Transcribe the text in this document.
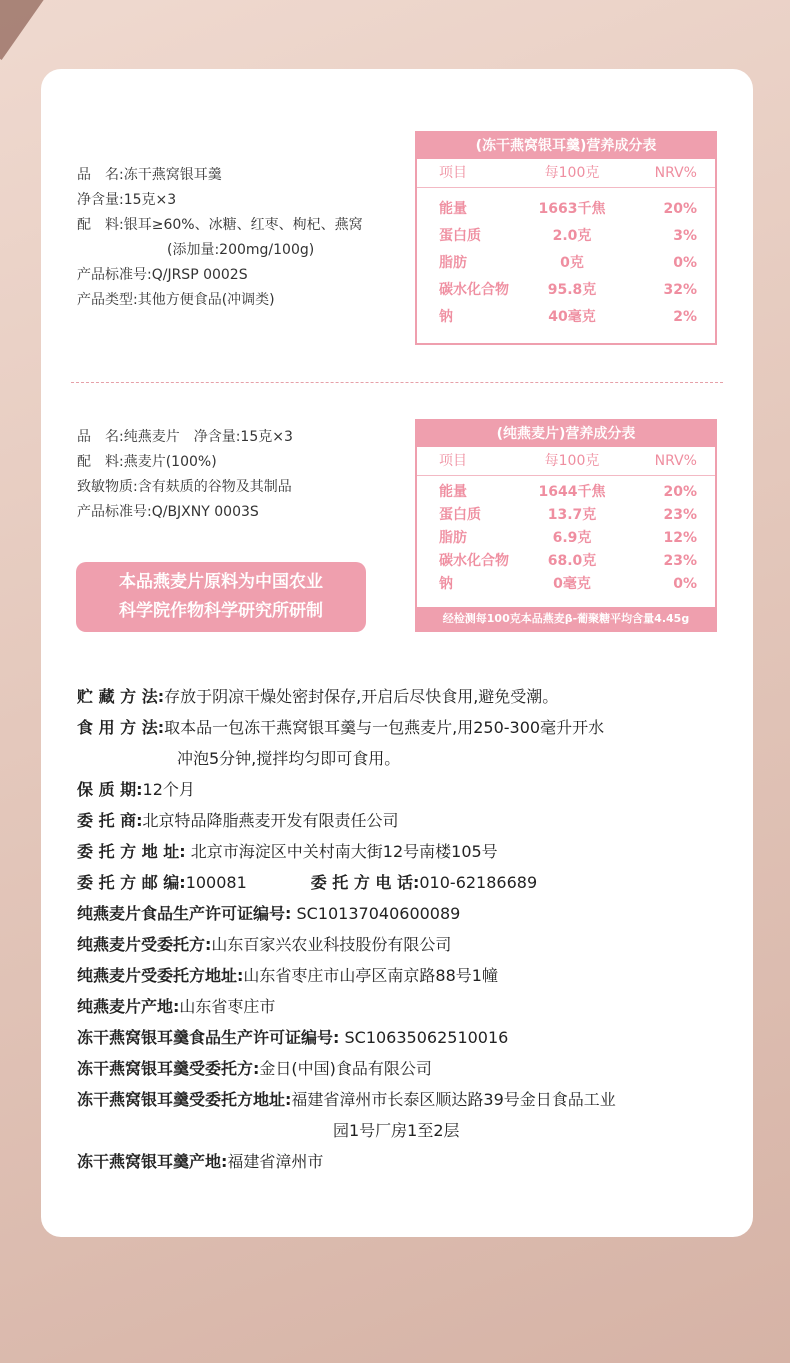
品　名:冻干燕窝银耳羹
净含量:15克×3
配　料:银耳≥60%、冰糖、红枣、枸杞、燕窝
　　　(添加量:200mg/100g)
产品标准号:Q/JRSP 0002S
产品类型:其他方便食品(冲调类)
(冻干燕窝银耳羹)营养成分表
项目	每100克	NRV%
能量	1663千焦	20%
蛋白质	2.0克	3%
脂肪	0克	0%
碳水化合物	95.8克	32%
钠	40毫克	2%
品　名:纯燕麦片　净含量:15克×3
配　料:燕麦片(100%)
致敏物质:含有麸质的谷物及其制品
产品标准号:Q/BJXNY 0003S
(纯燕麦片)营养成分表
项目	每100克	NRV%
能量	1644千焦	20%
蛋白质	13.7克	23%
脂肪	6.9克	12%
碳水化合物	68.0克	23%
钠	0毫克	0%
经检测每100克本品燕麦β-葡聚糖平均含量4.45g
本品燕麦片原料为中国农业
科学院作物科学研究所研制
贮 藏 方 法:存放于阴凉干燥处密封保存,开启后尽快食用,避免受潮。
食 用 方 法:取本品一包冻干燕窝银耳羹与一包燕麦片,用250-300毫升开水
冲泡5分钟,搅拌均匀即可食用。
保 质 期:12个月
委 托 商:北京特品降脂燕麦开发有限责任公司
委 托 方 地 址: 北京市海淀区中关村南大街12号南楼105号
委 托 方 邮 编:100081	委 托 方 电 话:010-62186689
纯燕麦片食品生产许可证编号: SC10137040600089
纯燕麦片受委托方:山东百家兴农业科技股份有限公司
纯燕麦片受委托方地址:山东省枣庄市山亭区南京路88号1幢
纯燕麦片产地:山东省枣庄市
冻干燕窝银耳羹食品生产许可证编号: SC10635062510016
冻干燕窝银耳羹受委托方:金日(中国)食品有限公司
冻干燕窝银耳羹受委托方地址:福建省漳州市长泰区顺达路39号金日食品工业
园1号厂房1至2层
冻干燕窝银耳羹产地:福建省漳州市
